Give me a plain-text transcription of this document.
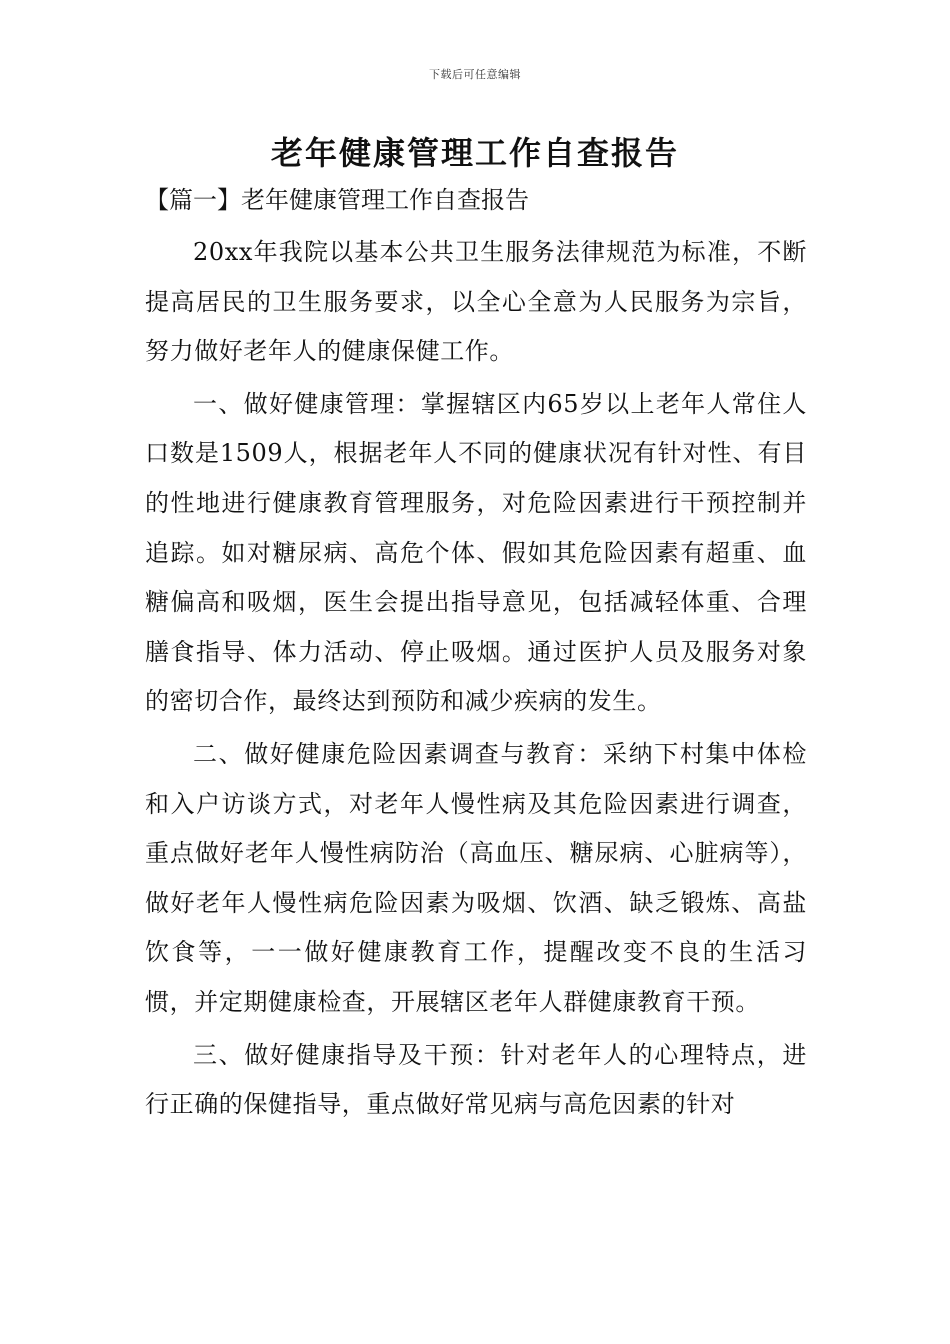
下载后可任意编辑
老年健康管理工作自查报告
【篇一】老年健康管理工作自查报告

20xx年我院以基本公共卫生服务法律规范为标准，不断提高居民的卫生服务要求，以全心全意为人民服务为宗旨，努力做好老年人的健康保健工作。

一、做好健康管理：掌握辖区内65岁以上老年人常住人口数是1509人，根据老年人不同的健康状况有针对性、有目的性地进行健康教育管理服务，对危险因素进行干预控制并追踪。如对糖尿病、高危个体、假如其危险因素有超重、血糖偏高和吸烟，医生会提出指导意见，包括减轻体重、合理膳食指导、体力活动、停止吸烟。通过医护人员及服务对象的密切合作，最终达到预防和减少疾病的发生。

二、做好健康危险因素调查与教育：采纳下村集中体检和入户访谈方式，对老年人慢性病及其危险因素进行调查，重点做好老年人慢性病防治（高血压、糖尿病、心脏病等），做好老年人慢性病危险因素为吸烟、饮酒、缺乏锻炼、高盐饮食等，一一做好健康教育工作，提醒改变不良的生活习惯，并定期健康检查，开展辖区老年人群健康教育干预。

三、做好健康指导及干预：针对老年人的心理特点，进行正确的保健指导，重点做好常见病与高危因素的针对
